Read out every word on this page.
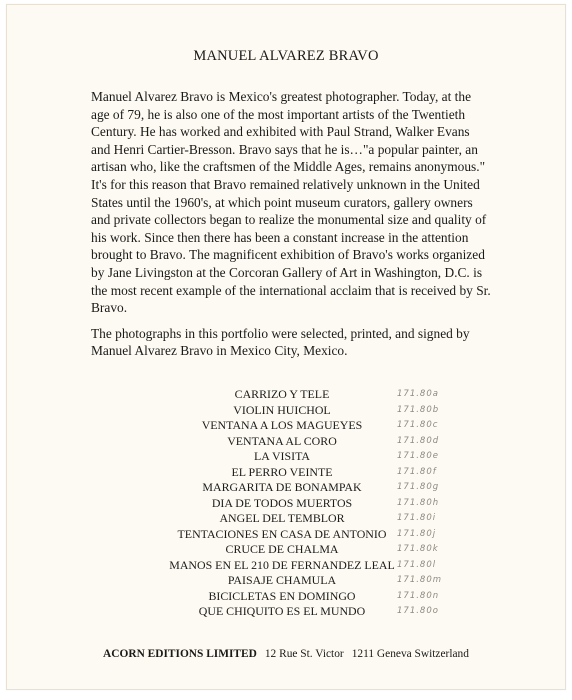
MANUEL ALVAREZ BRAVO

Manuel Alvarez Bravo is Mexico's greatest photographer. Today, at the age of 79, he is also one of the most important artists of the Twentieth Century. He has worked and exhibited with Paul Strand, Walker Evans and Henri Cartier-Bresson. Bravo says that he is…"a popular painter, an artisan who, like the craftsmen of the Middle Ages, remains anonymous." It's for this reason that Bravo remained relatively unknown in the United States until the 1960's, at which point museum curators, gallery owners and private collectors began to realize the monumental size and quality of his work. Since then there has been a constant increase in the attention brought to Bravo. The magnificent exhibition of Bravo's works organized by Jane Livingston at the Corcoran Gallery of Art in Washington, D.C. is the most recent example of the international acclaim that is received by Sr. Bravo.

The photographs in this portfolio were selected, printed, and signed by Manuel Alvarez Bravo in Mexico City, Mexico.

CARRIZO Y TELE	171.80a
VIOLIN HUICHOL	171.80b
VENTANA A LOS MAGUEYES	171.80c
VENTANA AL CORO	171.80d
LA VISITA	171.80e
EL PERRO VEINTE	171.80f
MARGARITA DE BONAMPAK	171.80g
DIA DE TODOS MUERTOS	171.80h
ANGEL DEL TEMBLOR	171.80i
TENTACIONES EN CASA DE ANTONIO 171.80j
CRUCE DE CHALMA	171.80k
MANOS EN EL 210 DE FERNANDEZ LEAL 171.80l
PAISAJE CHAMULA	171.80m
BICICLETAS EN DOMINGO	171.80n
QUE CHIQUITO ES EL MUNDO	171.80o
ACORN EDITIONS LIMITED 12 Rue St. Victor 1211 Geneva Switzerland
